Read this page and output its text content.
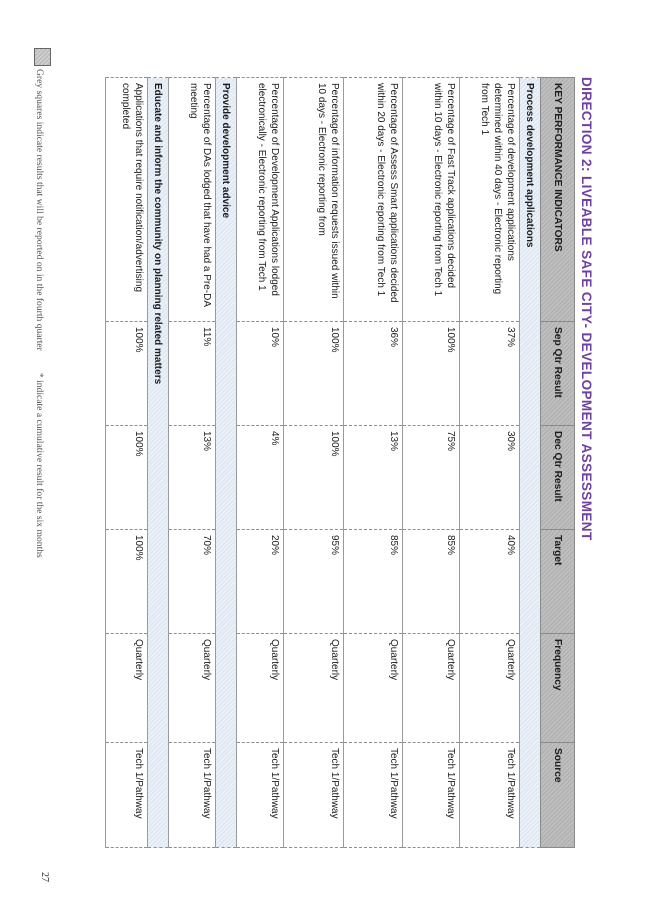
DIRECTION 2: LIVEABLE SAFE CITY- DEVELOPMENT ASSESSMENT
KEY PERFORMANCE INDICATORS	Sep Qtr Result	Dec Qtr Result	Target	Frequency	Source
Process development applications					
Percentage of development applications determined within 40 days - Electronic reporting from Tech 1	37%	30%	40%	Quarterly	Tech 1/Pathway
Percentage of Fast Track applications decided within 10 days - Electronic reporting from Tech 1	100%	75%	85%	Quarterly	Tech 1/Pathway
Percentage of Assess Smart applications decided within 20 days - Electronic reporting from Tech 1	36%	13%	85%	Quarterly	Tech 1/Pathway
Percentage of information requests issued within 10 days - Electronic reporting from	100%	100%	95%	Quarterly	Tech 1/Pathway
Percentage of Development Applications lodged electronically - Electronic reporting from Tech 1	10%	4%	20%	Quarterly	Tech 1/Pathway
Provide development advice					
Percentage of DAs lodged that have had a Pre-DA meeting	11%	13%	70%	Quarterly	Tech 1/Pathway
Educate and inform the community on planning related matters					
Applications that require notification/advertising completed	100%	100%	100%	Quarterly	Tech 1/Pathway
Grey squares indicate results that will be reported on in the fourth quarter* indicate a cumulative result for the six months
27
